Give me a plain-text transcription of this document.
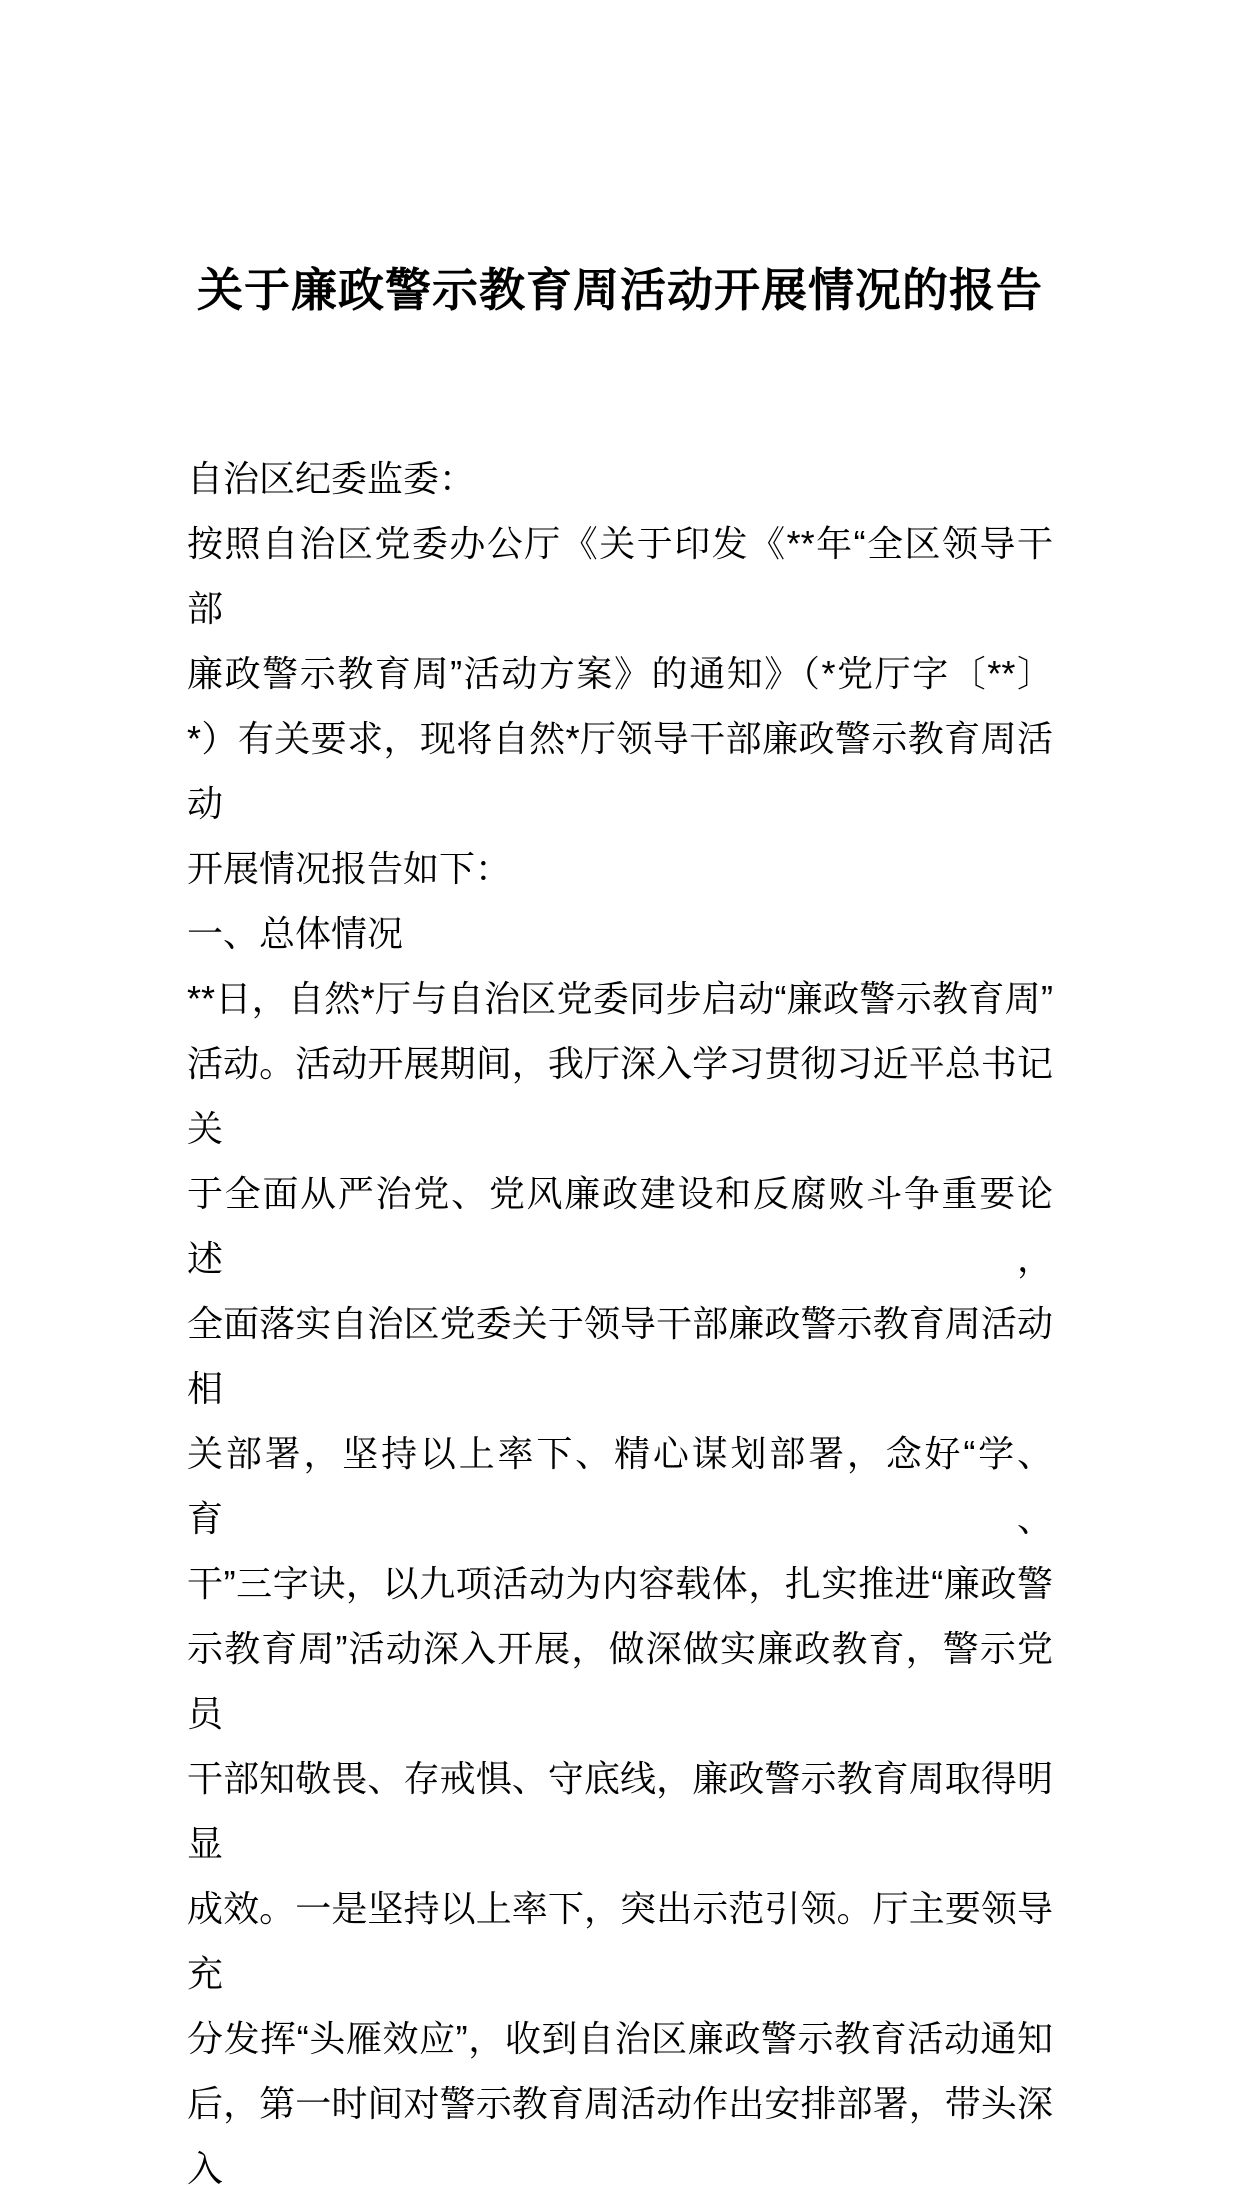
关于廉政警示教育周活动开展情况的报告
自治区纪委监委：
按照自治区党委办公厅《关于印发《**年“全区领导干部
廉政警示教育周”活动方案》的通知》（*党厅字〔**〕
*）有关要求，现将自然*厅领导干部廉政警示教育周活动
开展情况报告如下：
一、总体情况
**日，自然*厅与自治区党委同步启动“廉政警示教育周”
活动。活动开展期间，我厅深入学习贯彻习近平总书记关
于全面从严治党、党风廉政建设和反腐败斗争重要论述，
全面落实自治区党委关于领导干部廉政警示教育周活动相
关部署，坚持以上率下、精心谋划部署，念好“学、育、
干”三字诀，以九项活动为内容载体，扎实推进“廉政警
示教育周”活动深入开展，做深做实廉政教育，警示党员
干部知敬畏、存戒惧、守底线，廉政警示教育周取得明显
成效。一是坚持以上率下，突出示范引领。厅主要领导充
分发挥“头雁效应”，收到自治区廉政警示教育活动通知
后，第一时间对警示教育周活动作出安排部署，带头深入
